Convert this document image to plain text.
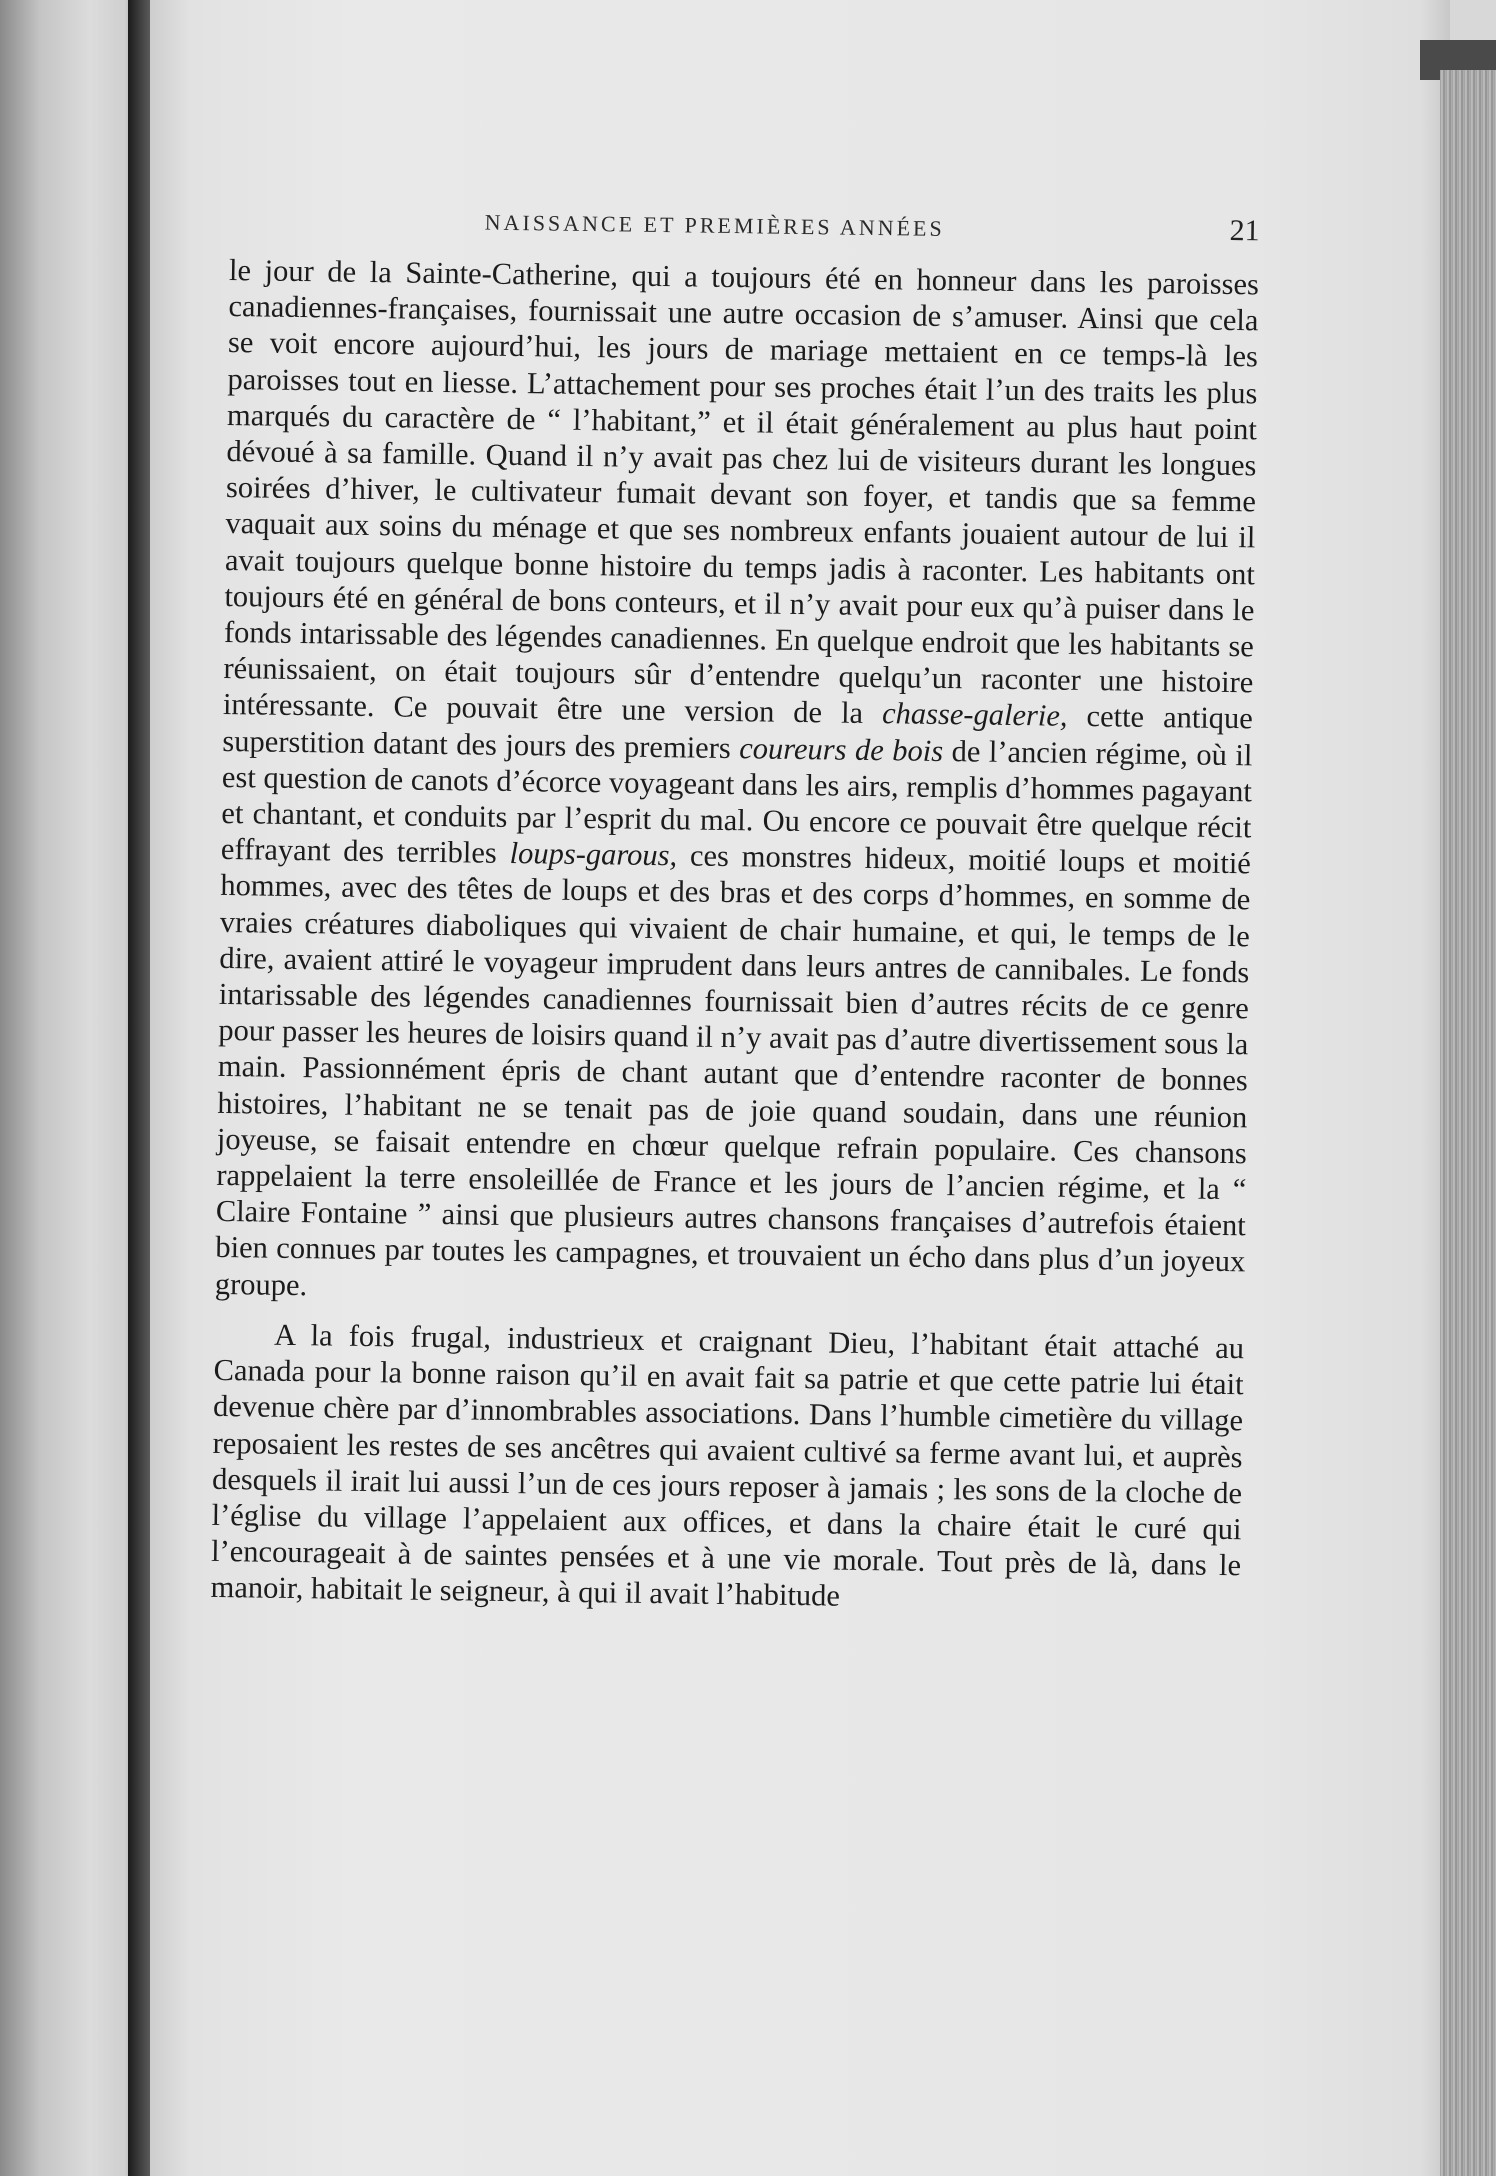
NAISSANCE ET PREMIÈRES ANNÉES	21

le jour de la Sainte-Catherine, qui a toujours été en honneur dans les paroisses canadiennes-françaises, fournissait une autre occasion de s’amuser. Ainsi que cela se voit encore aujourd’hui, les jours de mariage mettaient en ce temps-là les paroisses tout en liesse. L’attachement pour ses proches était l’un des traits les plus marqués du caractère de “ l’habitant,” et il était généralement au plus haut point dévoué à sa famille. Quand il n’y avait pas chez lui de visiteurs durant les longues soirées d’hiver, le cultivateur fumait devant son foyer, et tandis que sa femme vaquait aux soins du ménage et que ses nombreux enfants jouaient autour de lui il avait toujours quelque bonne histoire du temps jadis à raconter. Les habitants ont toujours été en général de bons conteurs, et il n’y avait pour eux qu’à puiser dans le fonds intarissable des légendes canadiennes. En quelque endroit que les habitants se réunissaient, on était toujours sûr d’entendre quelqu’un raconter une histoire intéressante. Ce pouvait être une version de la chasse-galerie, cette antique superstition datant des jours des premiers coureurs de bois de l’ancien régime, où il est question de canots d’écorce voyageant dans les airs, remplis d’hommes pagayant et chantant, et conduits par l’esprit du mal. Ou encore ce pouvait être quelque récit effrayant des terribles loups-garous, ces monstres hideux, moitié loups et moitié hommes, avec des têtes de loups et des bras et des corps d’hommes, en somme de vraies créatures diaboliques qui vivaient de chair humaine, et qui, le temps de le dire, avaient attiré le voyageur imprudent dans leurs antres de cannibales. Le fonds intarissable des légendes canadiennes fournissait bien d’autres récits de ce genre pour passer les heures de loisirs quand il n’y avait pas d’autre divertissement sous la main. Passionnément épris de chant autant que d’entendre raconter de bonnes histoires, l’habitant ne se tenait pas de joie quand soudain, dans une réunion joyeuse, se faisait entendre en chœur quelque refrain populaire. Ces chansons rappelaient la terre ensoleillée de France et les jours de l’ancien régime, et la “ Claire Fontaine ” ainsi que plusieurs autres chansons françaises d’autrefois étaient bien connues par toutes les campagnes, et trouvaient un écho dans plus d’un joyeux groupe.

A la fois frugal, industrieux et craignant Dieu, l’habitant était attaché au Canada pour la bonne raison qu’il en avait fait sa patrie et que cette patrie lui était devenue chère par d’innombrables associations. Dans l’humble cimetière du village reposaient les restes de ses ancêtres qui avaient cultivé sa ferme avant lui, et auprès desquels il irait lui aussi l’un de ces jours reposer à jamais ; les sons de la cloche de l’église du village l’appelaient aux offices, et dans la chaire était le curé qui l’encourageait à de saintes pensées et à une vie morale. Tout près de là, dans le manoir, habitait le seigneur, à qui il avait l’habitude
